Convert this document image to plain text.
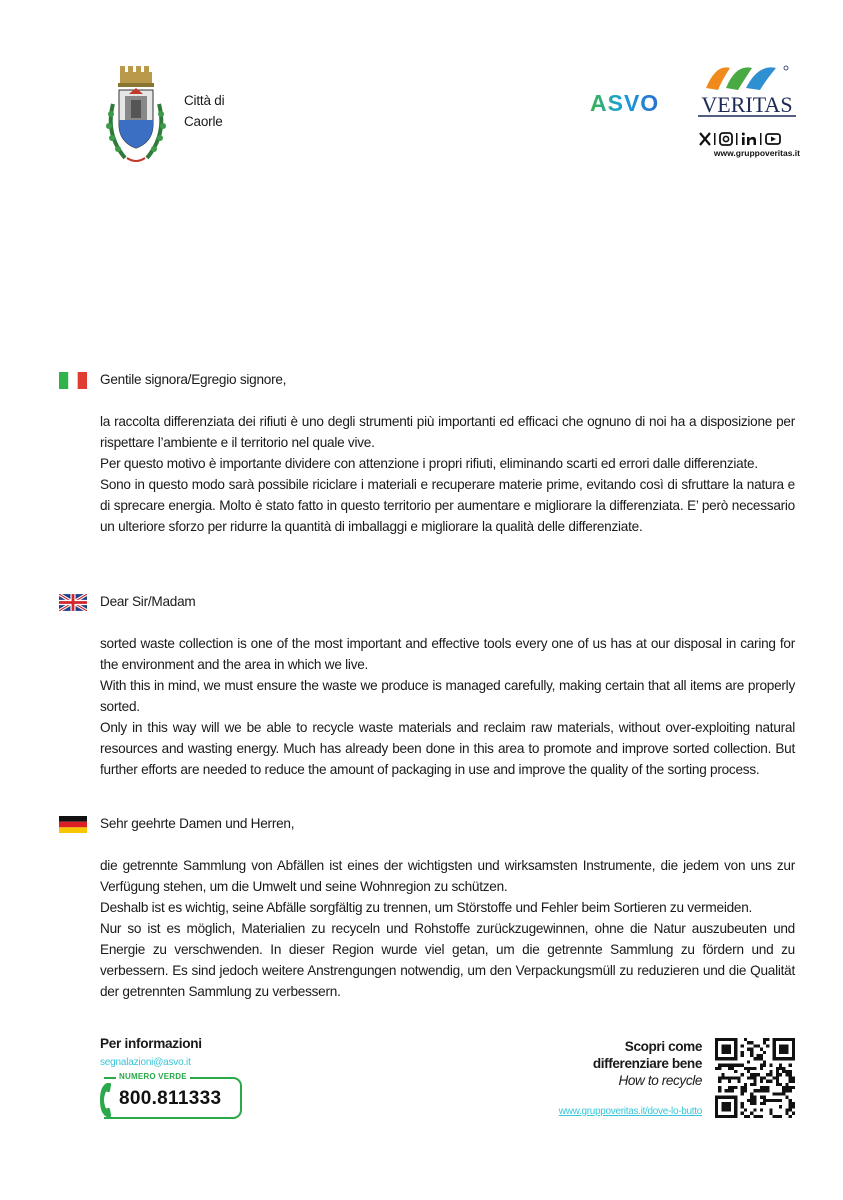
Città di Caorle
ASVO VERITAS
www.gruppoveritas.it
Gentile signora/Egregio signore,

la raccolta differenziata dei rifiuti è uno degli strumenti più importanti ed efficaci che ognuno di noi ha a disposizione per rispettare l’ambiente e il territorio nel quale vive.

Per questo motivo è importante dividere con attenzione i propri rifiuti, eliminando scarti ed errori dalle differenziate.

Sono in questo modo sarà possibile riciclare i materiali e recuperare materie prime, evitando così di sfruttare la natura e di sprecare energia. Molto è stato fatto in questo territorio per aumentare e migliorare la differenziata. E’ però necessario un ulteriore sforzo per ridurre la quantità di imballaggi e migliorare la qualità delle differenziate.

Dear Sir/Madam

sorted waste collection is one of the most important and effective tools every one of us has at our disposal in caring for the environment and the area in which we live.

With this in mind, we must ensure the waste we produce is managed carefully, making certain that all items are properly sorted.

Only in this way will we be able to recycle waste materials and reclaim raw materials, without over-exploiting natural resources and wasting energy. Much has already been done in this area to promote and improve sorted collection. But further efforts are needed to reduce the amount of packaging in use and improve the quality of the sorting process.

Sehr geehrte Damen und Herren,

die getrennte Sammlung von Abfällen ist eines der wichtigsten und wirksamsten Instrumente, die jedem von uns zur Verfügung stehen, um die Umwelt und seine Wohnregion zu schützen.

Deshalb ist es wichtig, seine Abfälle sorgfältig zu trennen, um Störstoffe und Fehler beim Sortieren zu vermeiden.

Nur so ist es möglich, Materialien zu recyceln und Rohstoffe zurückzugewinnen, ohne die Natur auszubeuten und Energie zu verschwenden. In dieser Region wurde viel getan, um die getrennte Sammlung zu fördern und zu verbessern. Es sind jedoch weitere Anstrengungen notwendig, um den Verpackungsmüll zu reduzieren und die Qualität der getrennten Sammlung zu verbessern.

Per informazioni
segnalazioni@asvo.it
NUMERO VERDE
800.811333
Scopri come differenziare bene
How to recycle
www.gruppoveritas.it/dove-lo-butto
